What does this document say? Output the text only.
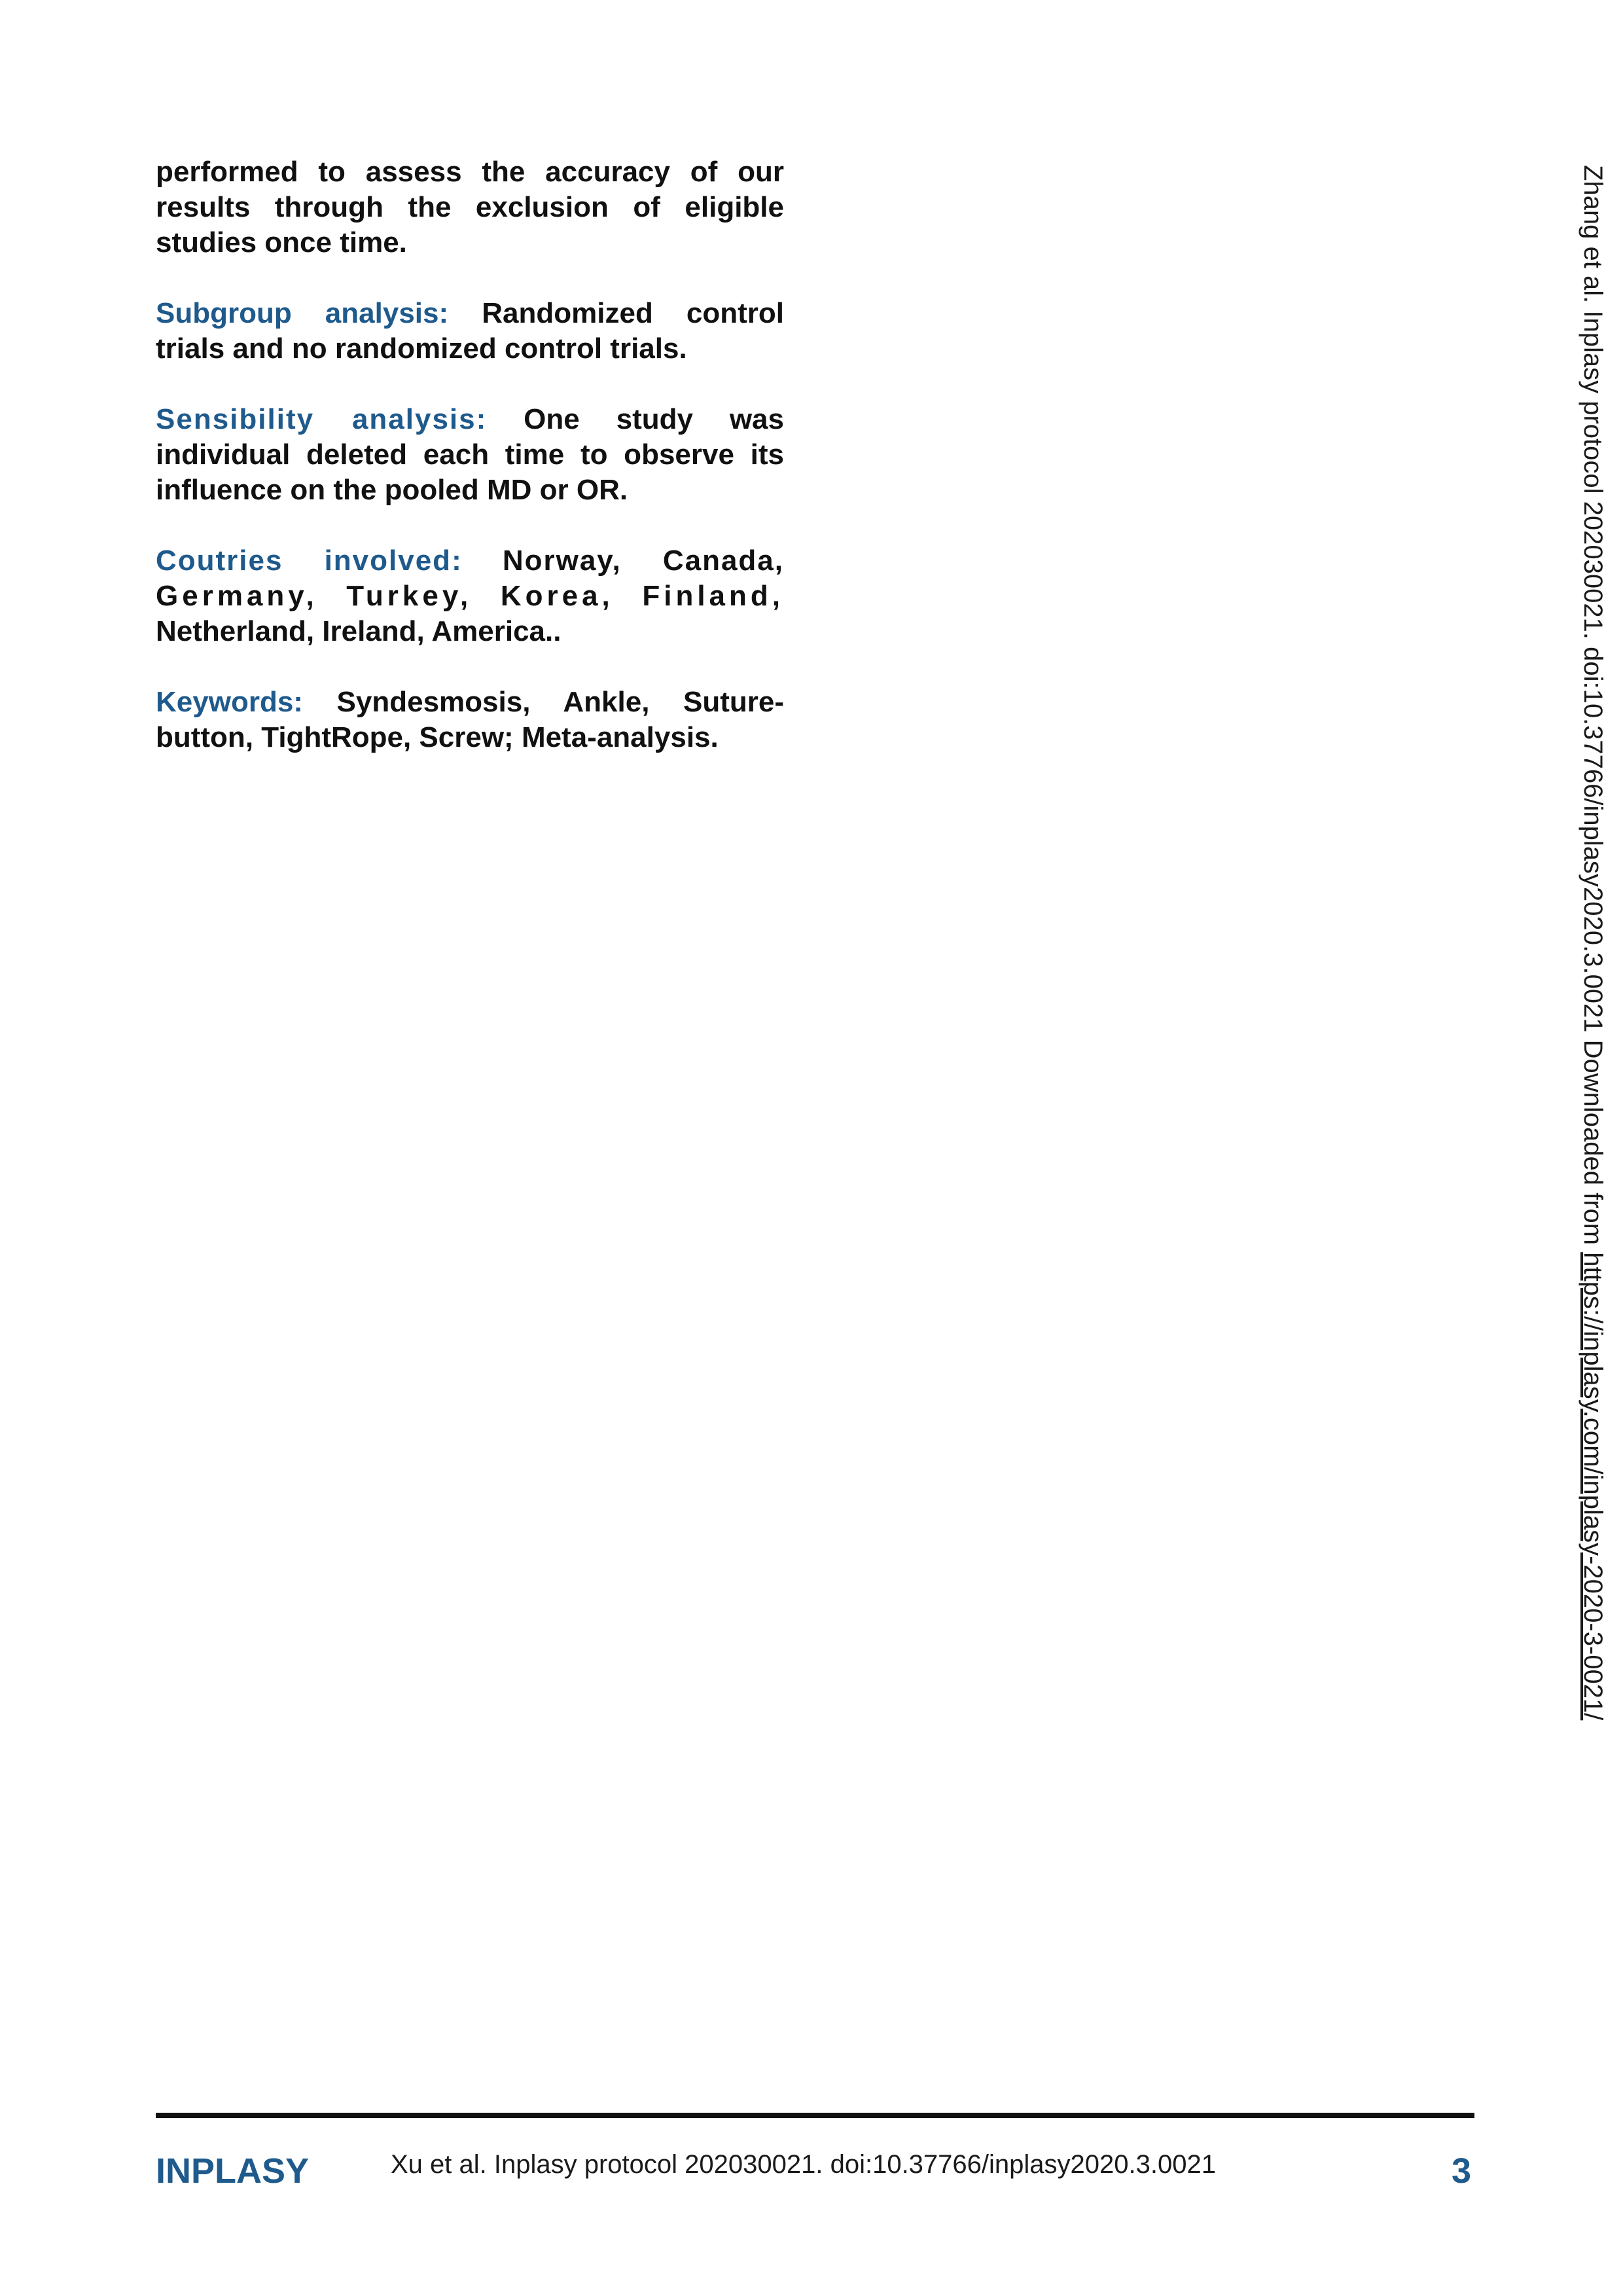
performed to assess the accuracy of our results through the exclusion of eligible studies once time.

Subgroup analysis: Randomized control trials and no randomized control trials.

Sensibility analysis: One study was individual deleted each time to observe its influence on the pooled MD or OR.

Coutries involved: Norway, Canada, Germany, Turkey, Korea, Finland, Netherland, Ireland, America..

Keywords: Syndesmosis, Ankle, Suture-button, TightRope, Screw; Meta-analysis.	Zhang et al. Inplasy protocol 202030021. doi:10.37766/inplasy2020.3.0021 Downloaded from https://inplasy.com/inplasy-2020-3-0021/
INPLASY	Xu et al. Inplasy protocol 202030021. doi:10.37766/inplasy2020.3.0021	3
